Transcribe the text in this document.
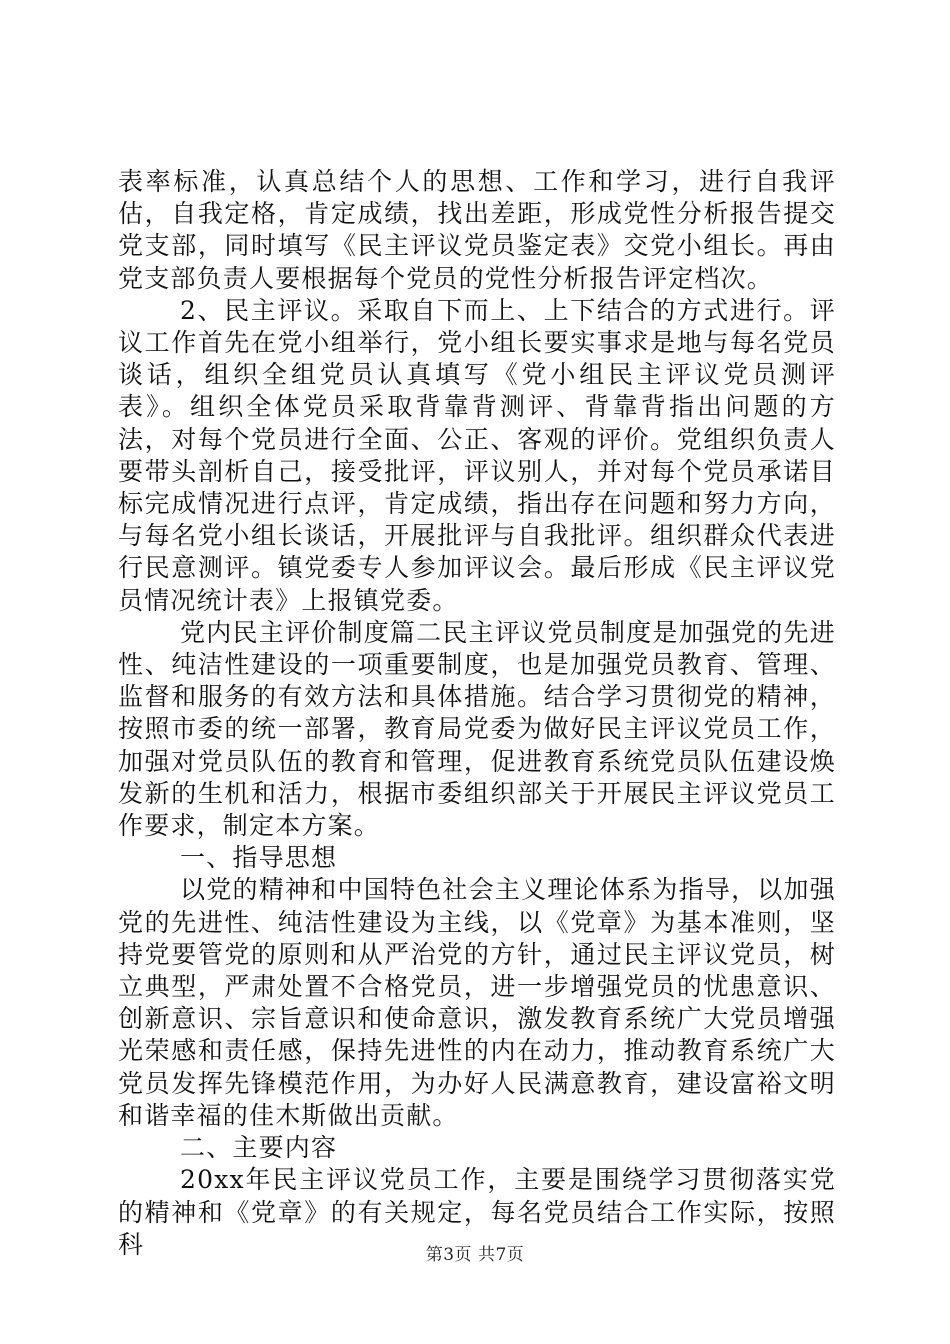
表率标准，认真总结个人的思想、工作和学习，进行自我评估，自我定格，肯定成绩，找出差距，形成党性分析报告提交党支部，同时填写《民主评议党员鉴定表》交党小组长。再由党支部负责人要根据每个党员的党性分析报告评定档次。

2、民主评议。采取自下而上、上下结合的方式进行。评议工作首先在党小组举行，党小组长要实事求是地与每名党员谈话，组织全组党员认真填写《党小组民主评议党员测评表》。组织全体党员采取背靠背测评、背靠背指出问题的方法，对每个党员进行全面、公正、客观的评价。党组织负责人要带头剖析自己，接受批评，评议别人，并对每个党员承诺目标完成情况进行点评，肯定成绩，指出存在问题和努力方向，与每名党小组长谈话，开展批评与自我批评。组织群众代表进行民意测评。镇党委专人参加评议会。最后形成《民主评议党员情况统计表》上报镇党委。

党内民主评价制度篇二民主评议党员制度是加强党的先进性、纯洁性建设的一项重要制度，也是加强党员教育、管理、监督和服务的有效方法和具体措施。结合学习贯彻党的精神，按照市委的统一部署，教育局党委为做好民主评议党员工作，加强对党员队伍的教育和管理，促进教育系统党员队伍建设焕发新的生机和活力，根据市委组织部关于开展民主评议党员工作要求，制定本方案。

一、指导思想

以党的精神和中国特色社会主义理论体系为指导，以加强党的先进性、纯洁性建设为主线，以《党章》为基本准则，坚持党要管党的原则和从严治党的方针，通过民主评议党员，树立典型，严肃处置不合格党员，进一步增强党员的忧患意识、创新意识、宗旨意识和使命意识，激发教育系统广大党员增强光荣感和责任感，保持先进性的内在动力，推动教育系统广大党员发挥先锋模范作用，为办好人民满意教育，建设富裕文明和谐幸福的佳木斯做出贡献。

二、主要内容

20xx年民主评议党员工作，主要是围绕学习贯彻落实党的精神和《党章》的有关规定，每名党员结合工作实际，按照科	第3页 共7页
